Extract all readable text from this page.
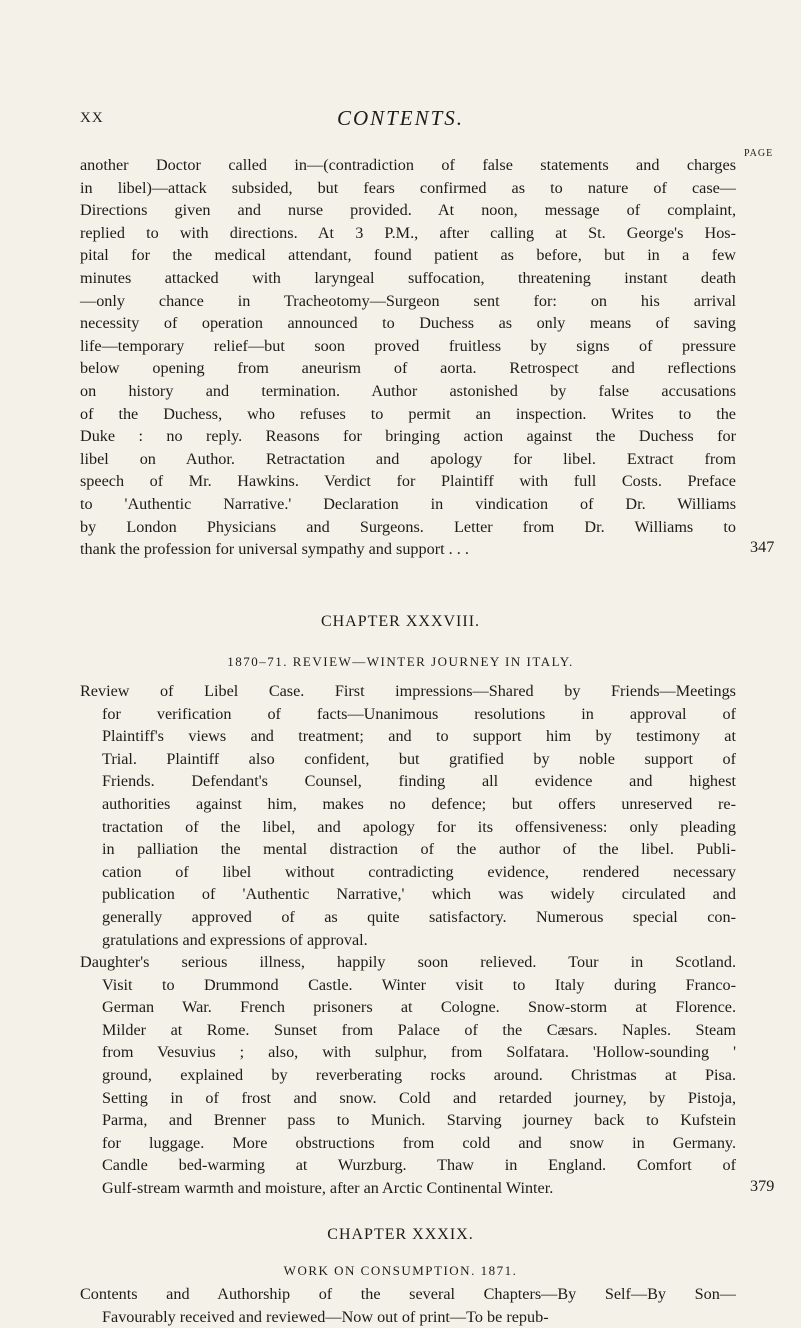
XX	CONTENTS.
PAGE
another Doctor called in—(contradiction of false statements and charges
in libel)—attack subsided, but fears confirmed as to nature of case—
Directions given and nurse provided. At noon, message of complaint,
replied to with directions. At 3 P.M., after calling at St. George's Hos-
pital for the medical attendant, found patient as before, but in a few
minutes attacked with laryngeal suffocation, threatening instant death
—only chance in Tracheotomy—Surgeon sent for: on his arrival
necessity of operation announced to Duchess as only means of saving
life—temporary relief—but soon proved fruitless by signs of pressure
below opening from aneurism of aorta. Retrospect and reflections
on history and termination. Author astonished by false accusations
of the Duchess, who refuses to permit an inspection. Writes to the
Duke : no reply. Reasons for bringing action against the Duchess for
libel on Author. Retractation and apology for libel. Extract from
speech of Mr. Hawkins. Verdict for Plaintiff with full Costs. Preface
to 'Authentic Narrative.' Declaration in vindication of Dr. Williams
by London Physicians and Surgeons. Letter from Dr. Williams to
thank the profession for universal sympathy and support . . .	347
CHAPTER XXXVIII.
1870–71. REVIEW—WINTER JOURNEY IN ITALY.
Review of Libel Case. First impressions—Shared by Friends—Meetings
for verification of facts—Unanimous resolutions in approval of
Plaintiff's views and treatment; and to support him by testimony at
Trial. Plaintiff also confident, but gratified by noble support of
Friends. Defendant's Counsel, finding all evidence and highest
authorities against him, makes no defence; but offers unreserved re-
tractation of the libel, and apology for its offensiveness: only pleading
in palliation the mental distraction of the author of the libel. Publi-
cation of libel without contradicting evidence, rendered necessary
publication of 'Authentic Narrative,' which was widely circulated and
generally approved of as quite satisfactory. Numerous special con-
gratulations and expressions of approval.
Daughter's serious illness, happily soon relieved. Tour in Scotland.
Visit to Drummond Castle. Winter visit to Italy during Franco-
German War. French prisoners at Cologne. Snow-storm at Florence.
Milder at Rome. Sunset from Palace of the Cæsars. Naples. Steam
from Vesuvius ; also, with sulphur, from Solfatara. 'Hollow-sounding '
ground, explained by reverberating rocks around. Christmas at Pisa.
Setting in of frost and snow. Cold and retarded journey, by Pistoja,
Parma, and Brenner pass to Munich. Starving journey back to Kufstein
for luggage. More obstructions from cold and snow in Germany.
Candle bed-warming at Wurzburg. Thaw in England. Comfort of
Gulf-stream warmth and moisture, after an Arctic Continental Winter.	379
CHAPTER XXXIX.
WORK ON CONSUMPTION. 1871.
Contents and Authorship of the several Chapters—By Self—By Son—
Favourably received and reviewed—Now out of print—To be repub-
